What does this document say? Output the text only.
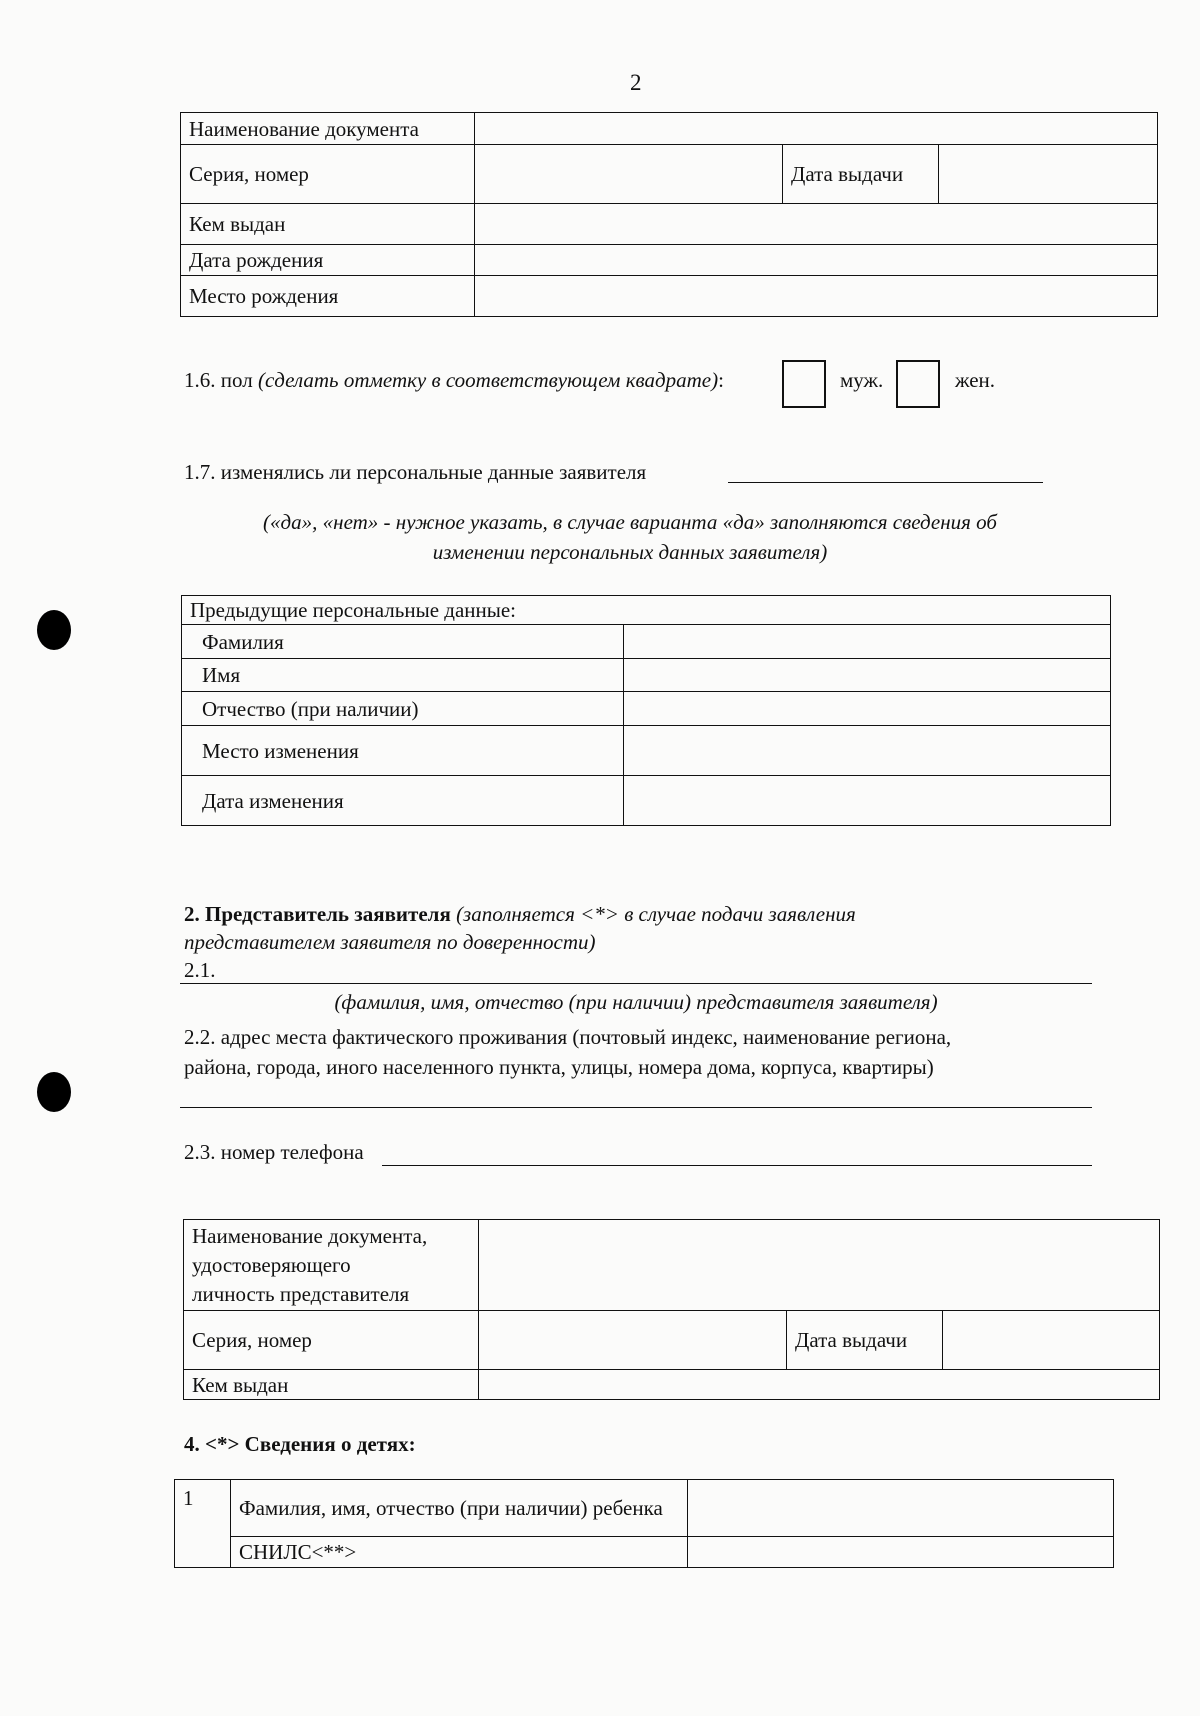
2
Наименование документа			
Серия, номер		Дата выдачи	
Кем выдан			
Дата рождения			
Место рождения			
1.6. пол (сделать отметку в соответствующем квадрате):	муж.	жен.
1.7. изменялись ли персональные данные заявителя
(«да», «нет» - нужное указать, в случае варианта «да» заполняются сведения об
изменении персональных данных заявителя)
Предыдущие персональные данные:	
Фамилия	
Имя	
Отчество (при наличии)	
Место изменения	
Дата изменения	
2. Представитель заявителя (заполняется <*> в случае подачи заявления
представителем заявителя по доверенности)
2.1.
(фамилия, имя, отчество (при наличии) представителя заявителя)
2.2. адрес места фактического проживания (почтовый индекс, наименование региона,
района, города, иного населенного пункта, улицы, номера дома, корпуса, квартиры)
2.3. номер телефона
Наименование документа,
удостоверяющего
личность представителя			

Серия, номер		Дата выдачи	
Кем выдан			
4. <*> Сведения о детях:
1	Фамилия, имя, отчество (при наличии) ребенка	
	СНИЛС<**>	
